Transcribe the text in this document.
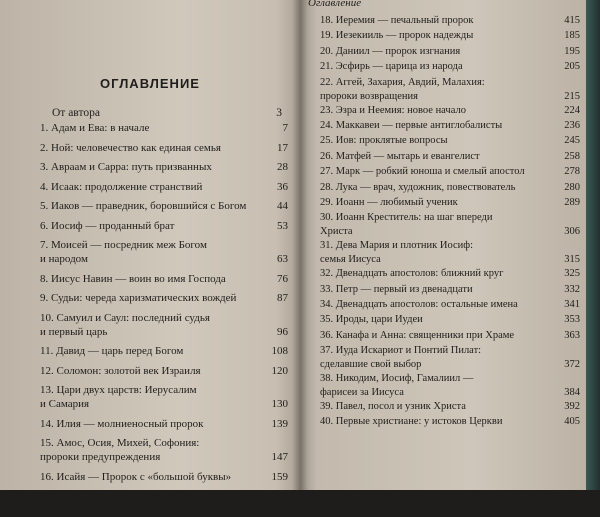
ОГЛАВЛЕНИЕ
От автора	3
1. Адам и Ева: в начале	7
2. Ной: человечество как единая семья	17
3. Авраам и Сарра: путь призванных	28
4. Исаак: продолжение странствий	36
5. Иаков — праведник, боровшийся с Богом	44
6. Иосиф — проданный брат	53
7. Моисей — посредник меж Богом
и народом	63
8. Иисус Навин — воин во имя Господа	76
9. Судьи: череда харизматических вождей	87
10. Самуил и Саул: последний судья
и первый царь	96
11. Давид — царь перед Богом	108
12. Соломон: золотой век Израиля	120
13. Цари двух царств: Иерусалим
и Самария	130
14. Илия — молниеносный пророк	139
15. Амос, Осия, Михей, Софония:
пророки предупреждения	147
16. Исайя — Пророк с «большой буквы»	159
17. Иоиль, Аввакум, Наум, Иона:
пророки разрушения	171
Оглавление
18. Иеремия — печальный пророк	415
19. Иезекииль — пророк надежды	185
20. Даниил — пророк изгнания	195
21. Эсфирь — царица из народа	205
22. Аггей, Захария, Авдий, Малахия:
пророки возвращения	215
23. Эзра и Неемия: новое начало	224
24. Маккавеи — первые антиглобалисты	236
25. Иов: проклятые вопросы	245
26. Матфей — мытарь и евангелист	258
27. Марк — робкий юноша и смелый апостол	278
28. Лука — врач, художник, повествователь	280
29. Иоанн — любимый ученик	289
30. Иоанн Креститель: на шаг впереди
Христа	306
31. Дева Мария и плотник Иосиф:
семья Иисуса	315
32. Двенадцать апостолов: ближний круг	325
33. Петр — первый из двенадцати	332
34. Двенадцать апостолов: остальные имена	341
35. Ироды, цари Иудеи	353
36. Канафа и Анна: священники при Храме	363
37. Иуда Искариот и Понтий Пилат:
сделавшие свой выбор	372
38. Никодим, Иосиф, Гамалиил —
фарисеи за Иисуса	384
39. Павел, посол и узник Христа	392
40. Первые христиане: у истоков Церкви	405
